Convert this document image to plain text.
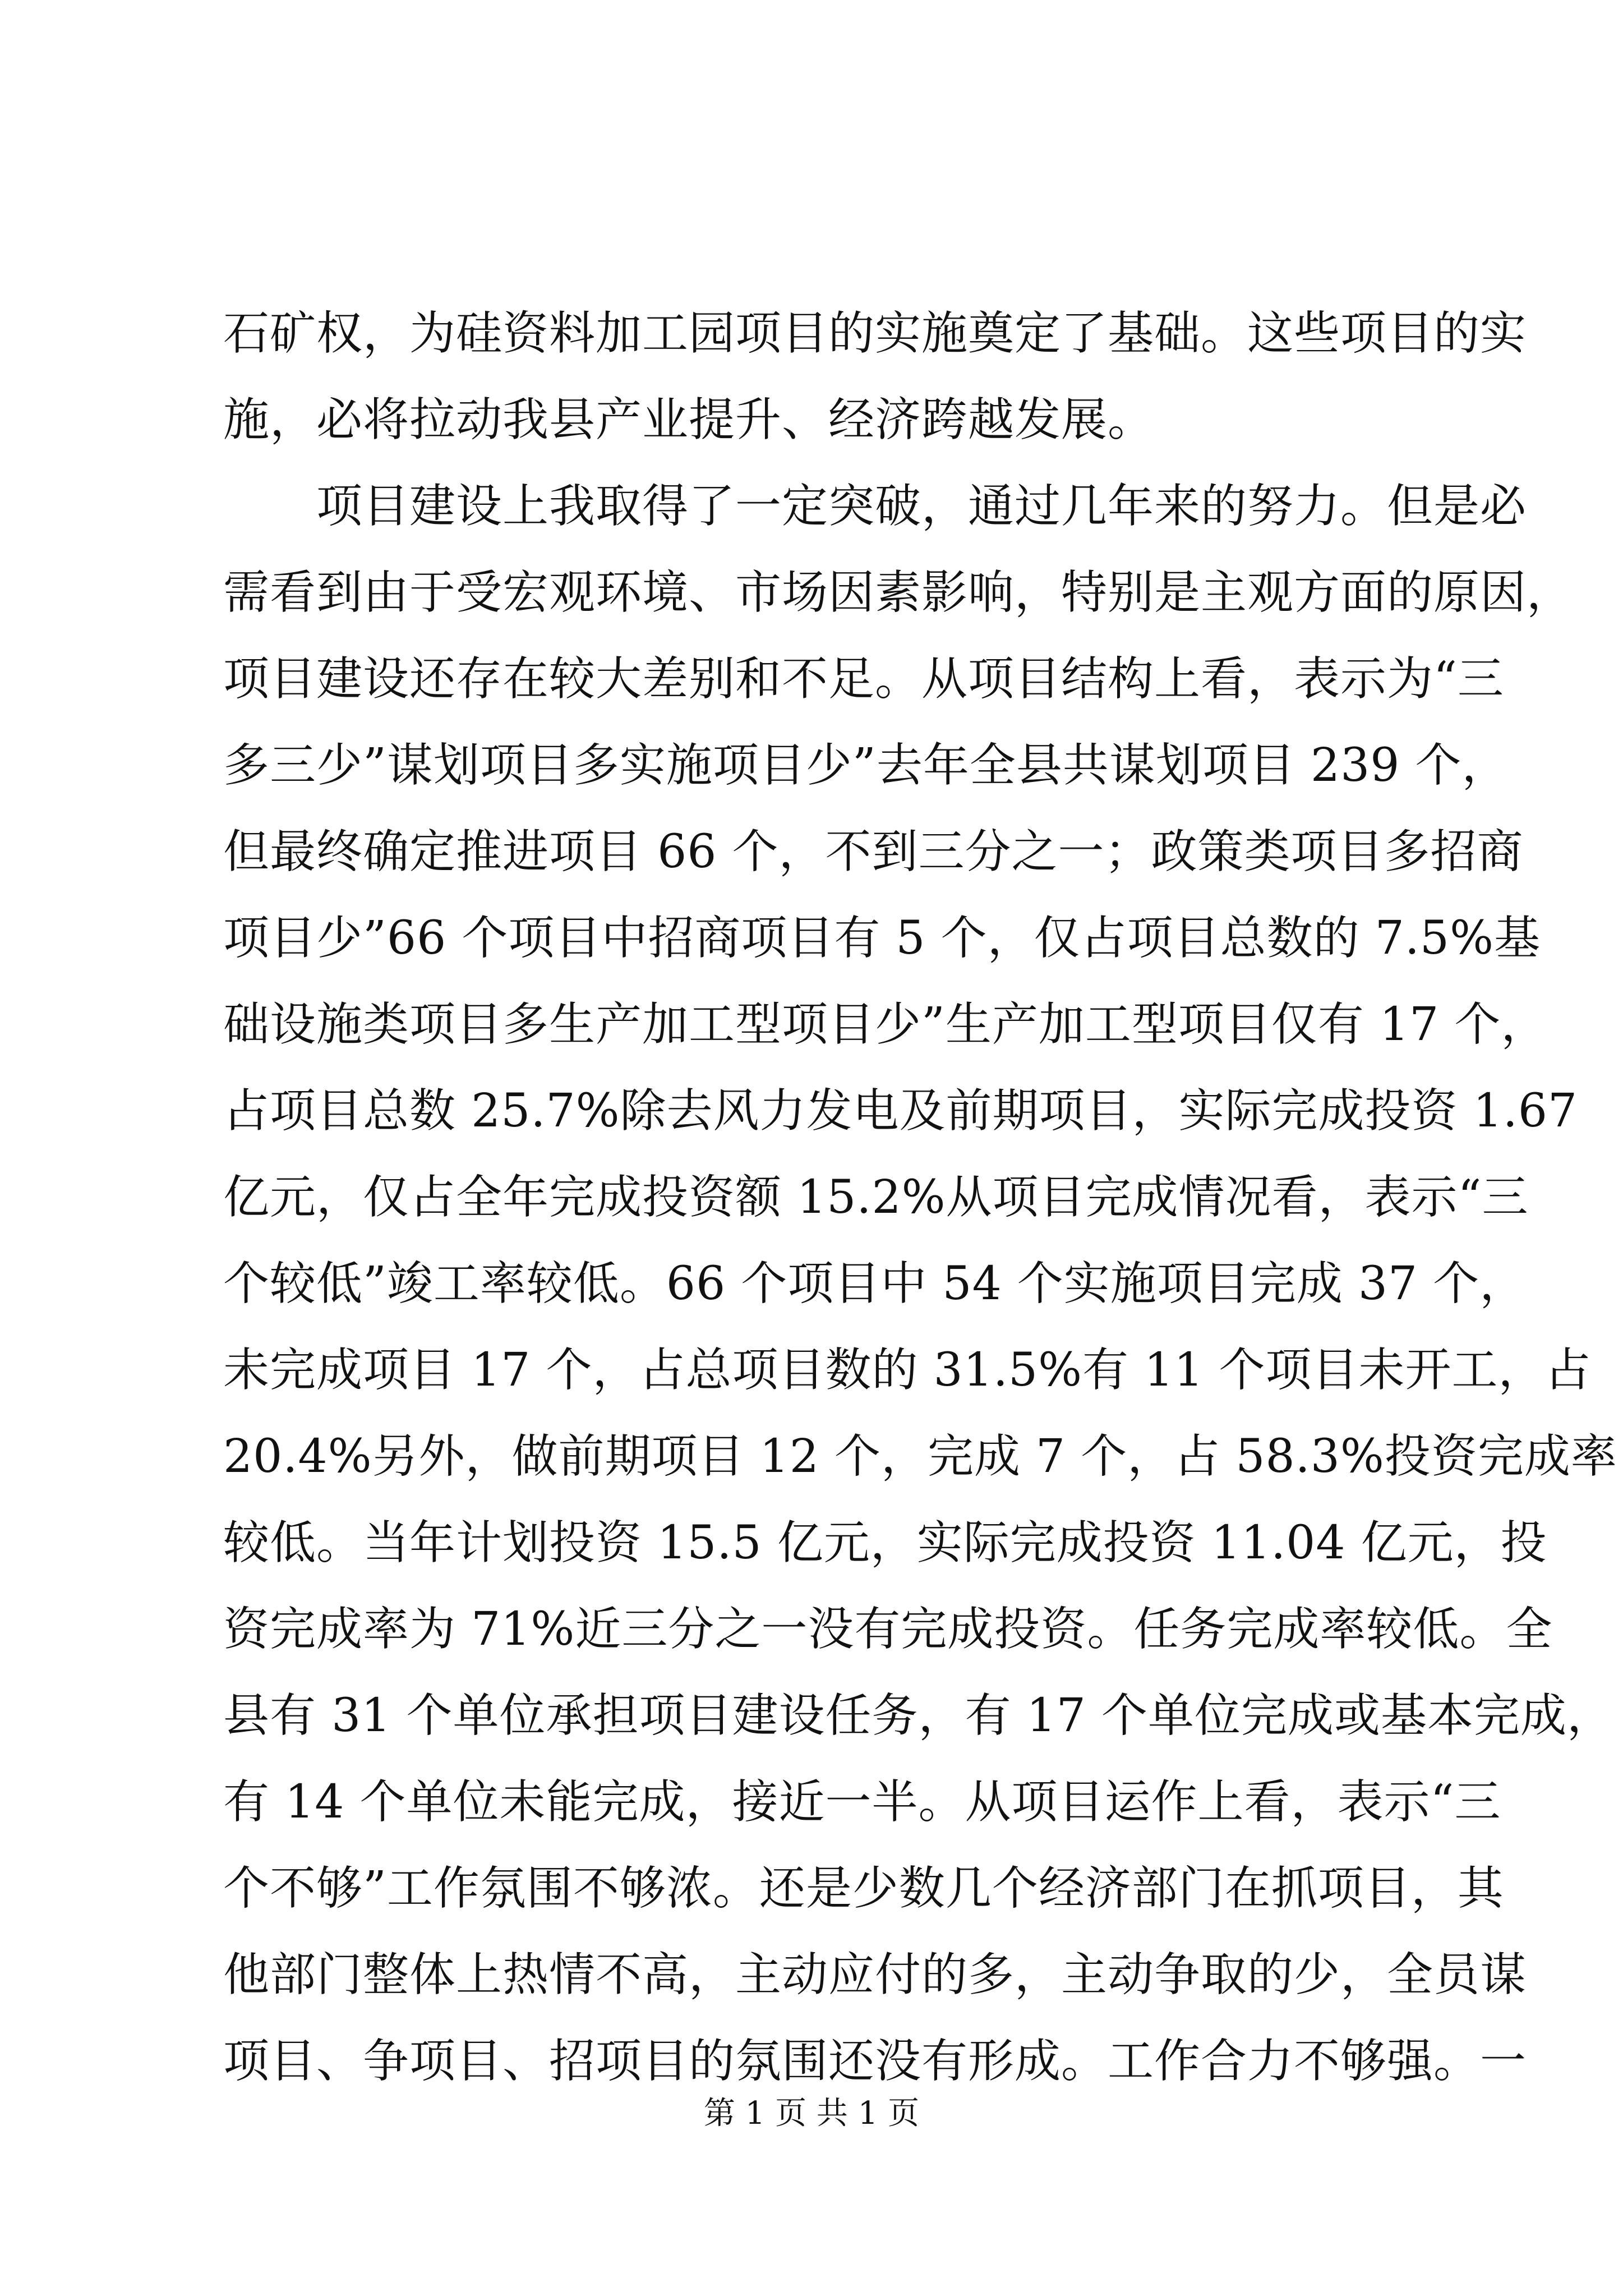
石矿权，为硅资料加工园项目的实施奠定了基础。这些项目的实
施，必将拉动我县产业提升、经济跨越发展。
　　项目建设上我取得了一定突破，通过几年来的努力。但是必
需看到由于受宏观环境、市场因素影响，特别是主观方面的原因，
项目建设还存在较大差别和不足。从项目结构上看，表示为“三
多三少”谋划项目多实施项目少”去年全县共谋划项目 239 个，
但最终确定推进项目 66 个，不到三分之一；政策类项目多招商
项目少”66 个项目中招商项目有 5 个，仅占项目总数的 7.5%基
础设施类项目多生产加工型项目少”生产加工型项目仅有 17 个，
占项目总数 25.7%除去风力发电及前期项目，实际完成投资 1.67
亿元，仅占全年完成投资额 15.2%从项目完成情况看，表示“三
个较低”竣工率较低。66 个项目中 54 个实施项目完成 37 个，
未完成项目 17 个，占总项目数的 31.5%有 11 个项目未开工，占
20.4%另外，做前期项目 12 个，完成 7 个，占 58.3%投资完成率
较低。当年计划投资 15.5 亿元，实际完成投资 11.04 亿元，投
资完成率为 71%近三分之一没有完成投资。任务完成率较低。全
县有 31 个单位承担项目建设任务，有 17 个单位完成或基本完成，
有 14 个单位未能完成，接近一半。从项目运作上看，表示“三
个不够”工作氛围不够浓。还是少数几个经济部门在抓项目，其
他部门整体上热情不高，主动应付的多，主动争取的少，全员谋
项目、争项目、招项目的氛围还没有形成。工作合力不够强。一
第 1 页 共 1 页
